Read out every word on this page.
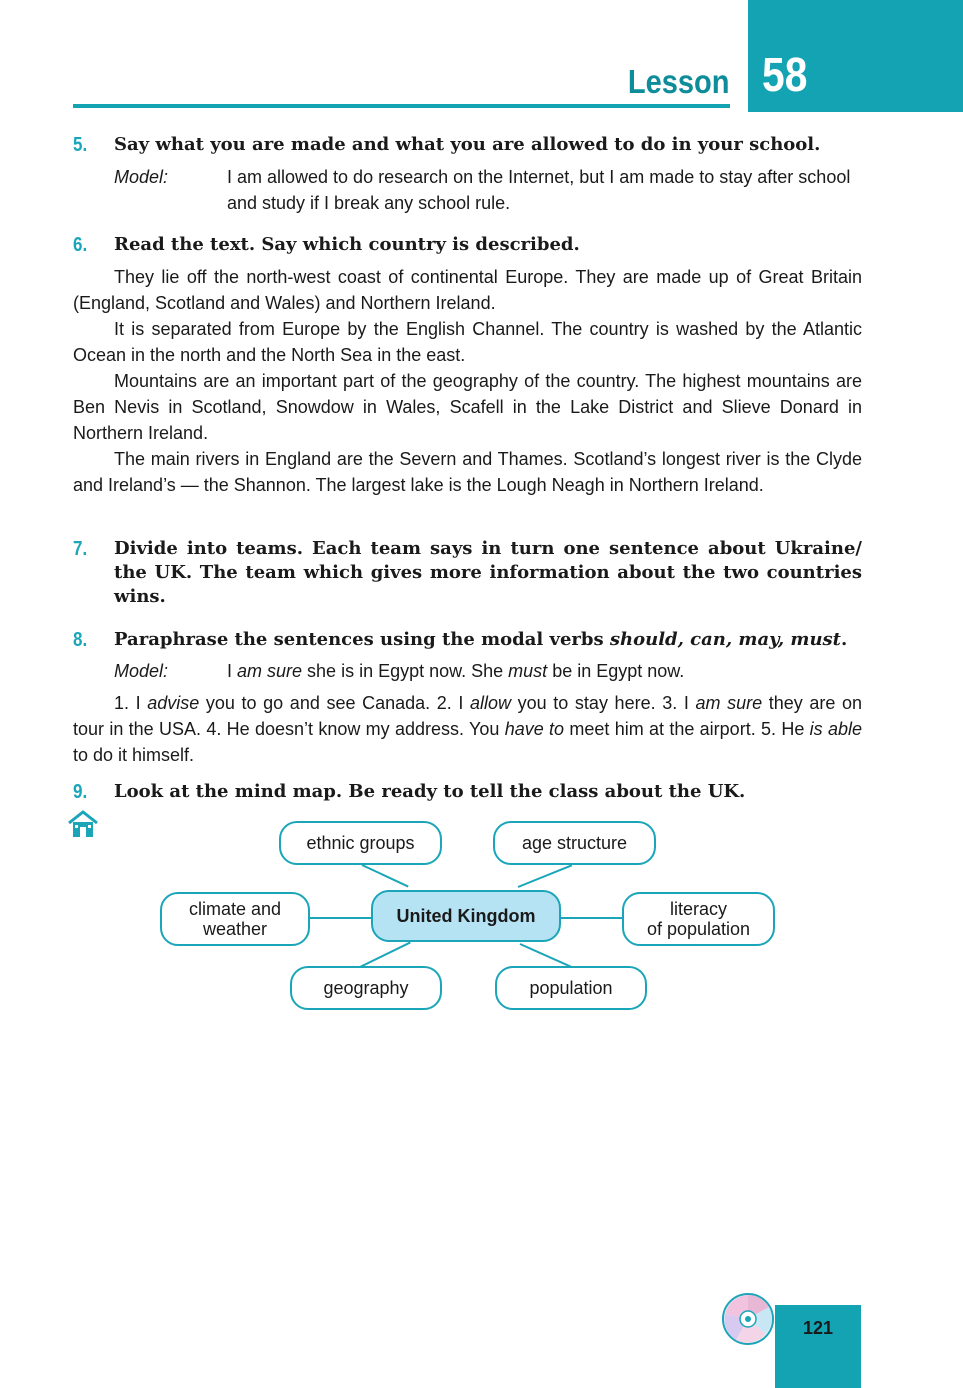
58
Lesson
5. Say what you are made and what you are allowed to do in your school.
Model:	I am allowed to do research on the Internet, but I am made to stay after school and study if I break any school rule.
6. Read the text. Say which country is described.
They lie off the north-west coast of continental Europe. They are made up of Great Britain (England, Scotland and Wales) and Northern Ireland.
It is separated from Europe by the English Channel. The country is washed by the Atlantic Ocean in the north and the North Sea in the east.
Mountains are an important part of the geography of the country. The highest mountains are Ben Nevis in Scotland, Snowdow in Wales, Scafell in the Lake District and Slieve Donard in Northern Ireland.
The main rivers in England are the Severn and Thames. Scotland’s longest river is the Clyde and Ireland’s — the Shannon. The largest lake is the Lough Neagh in Northern Ireland.
7. Divide into teams. Each team says in turn one sentence about Ukraine/ the UK. The team which gives more information about the two countries wins.
8. Paraphrase the sentences using the modal verbs should, can, may, must.
Model:	I am sure she is in Egypt now. She must be in Egypt now.
1. I advise you to go and see Canada. 2. I allow you to stay here. 3. I am sure they are on tour in the USA. 4. He doesn’t know my address. You have to meet him at the airport. 5. He is able to do it himself.
9. Look at the mind map. Be ready to tell the class about the UK.
ethnic groups	age structure
climate and
weather
United Kingdom	literacy
of population
geography	population
121
